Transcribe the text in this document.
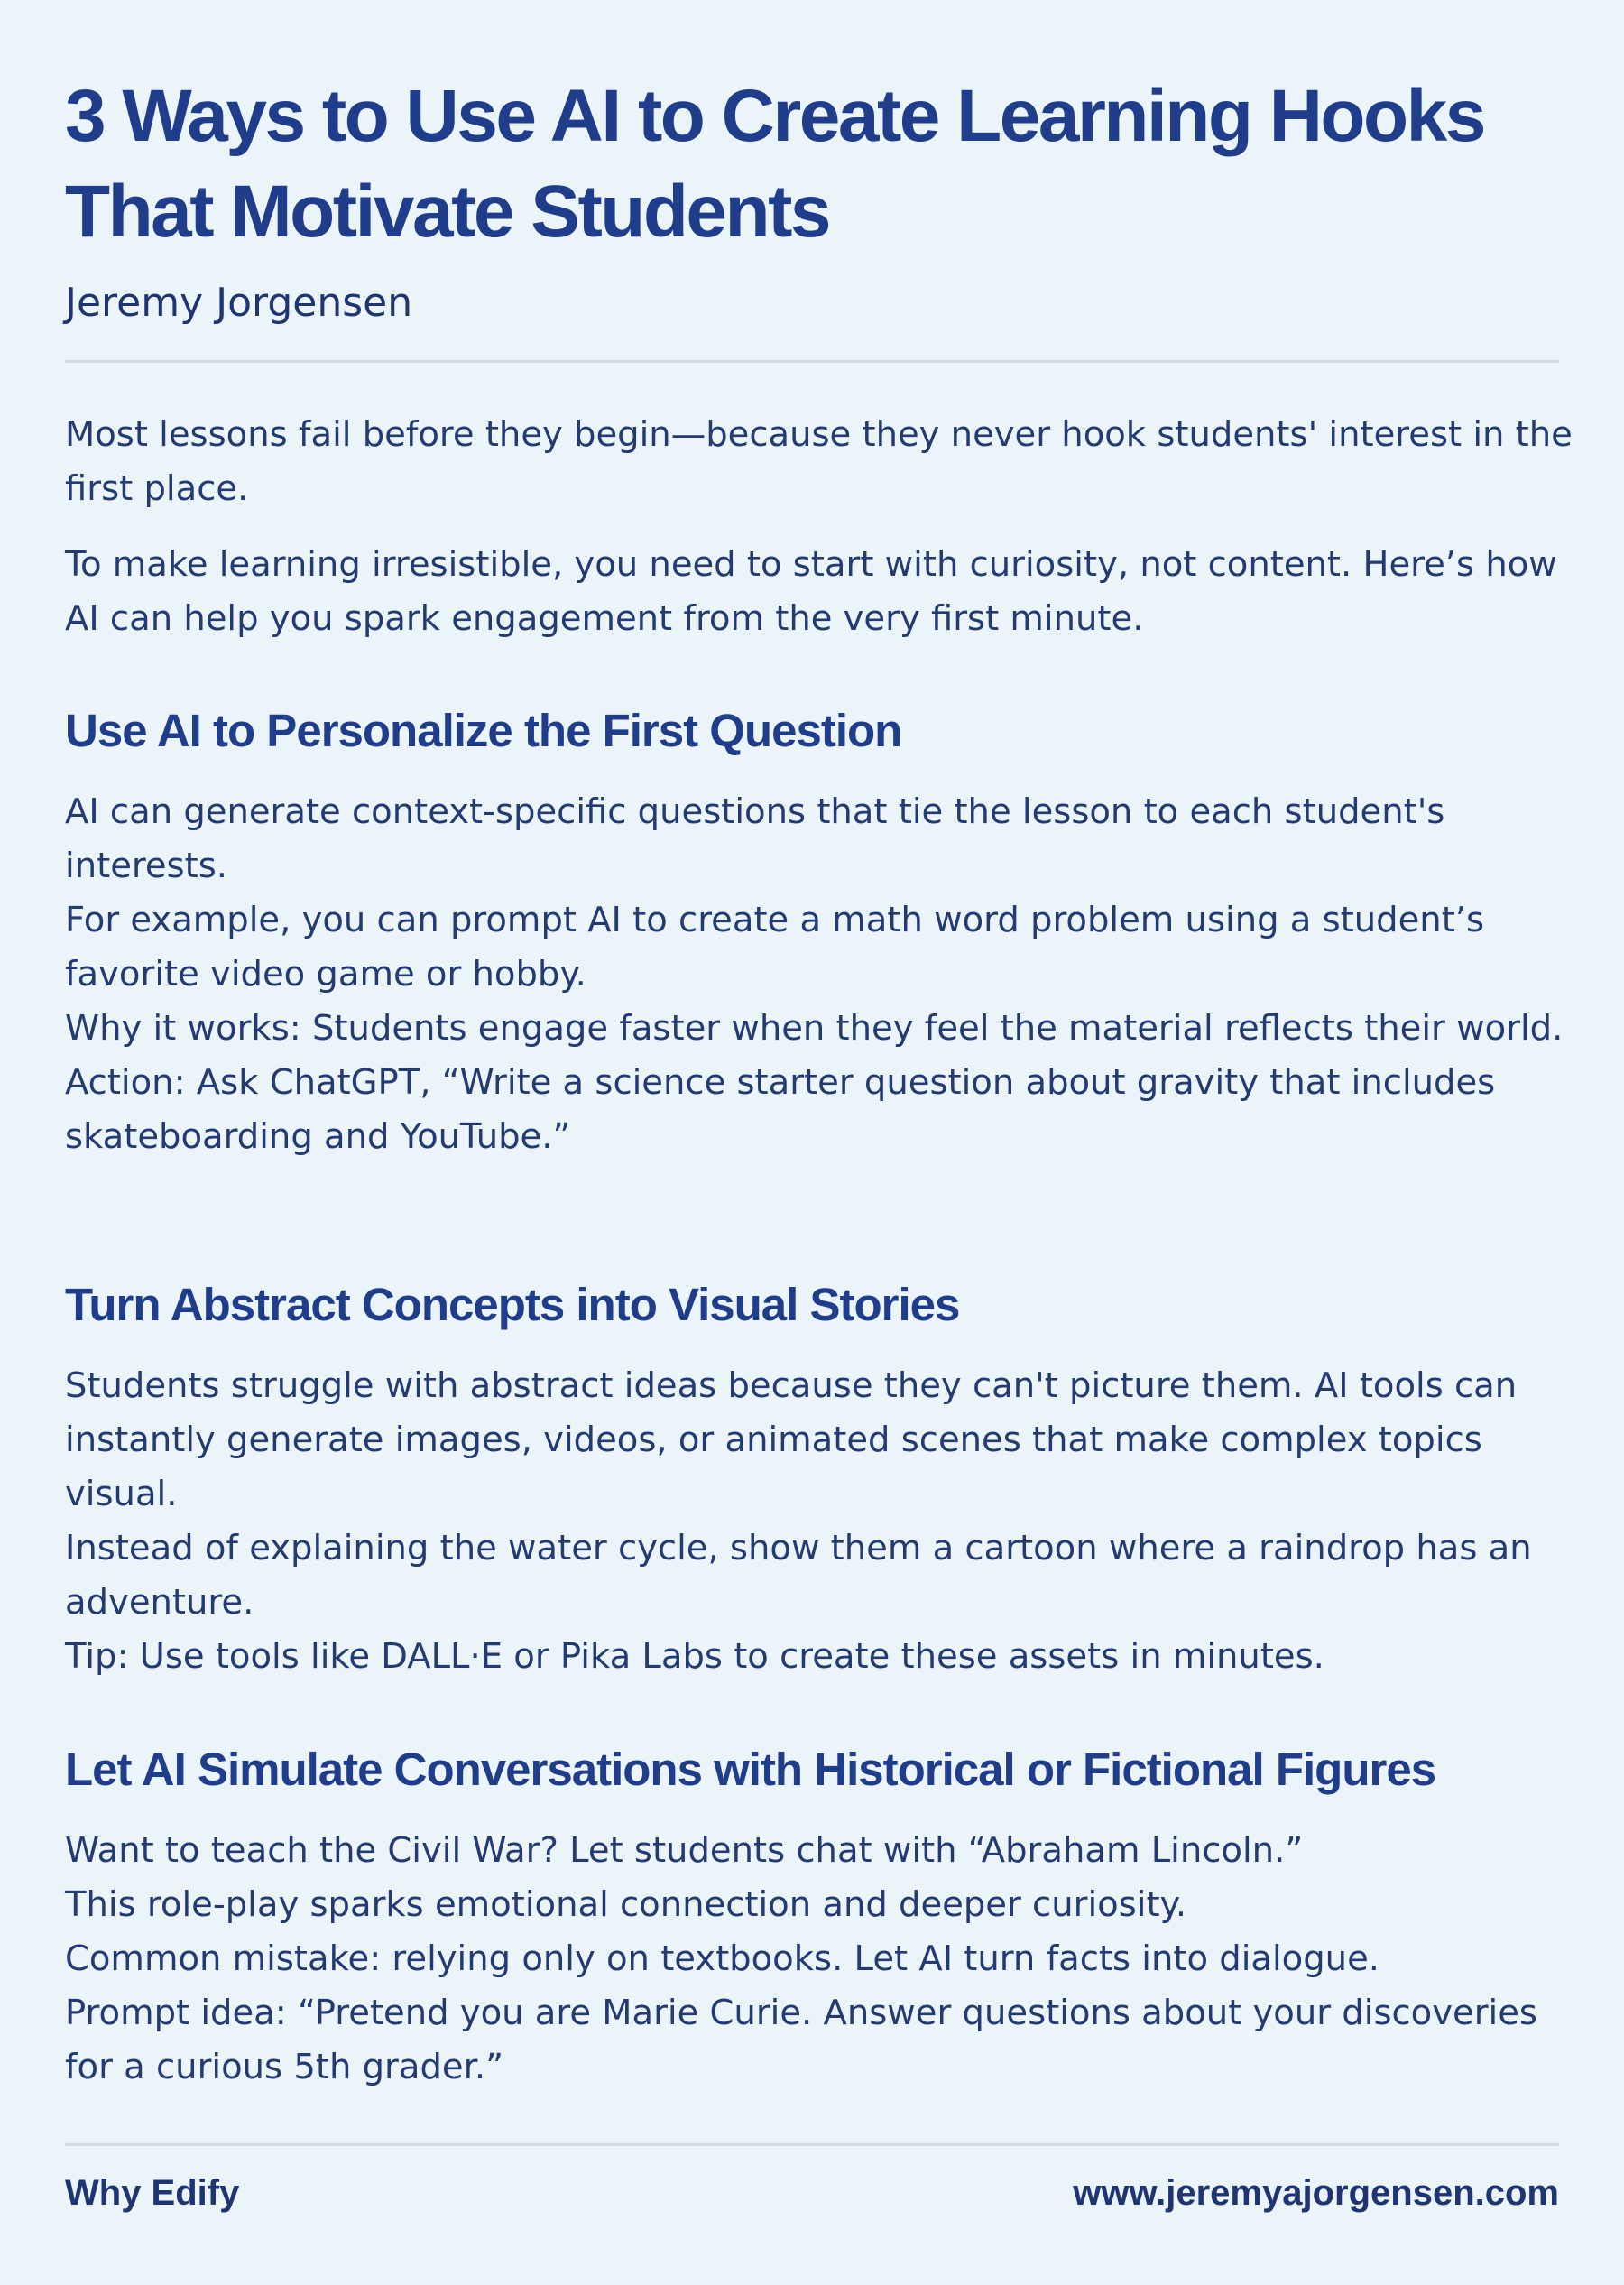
3 Ways to Use AI to Create Learning Hooks That Motivate Students
Jeremy Jorgensen

Most lessons fail before they begin—because they never hook students' interest in the first place.

To make learning irresistible, you need to start with curiosity, not content. Here’s how AI can help you spark engagement from the very first minute.

Use AI to Personalize the First Question

AI can generate context-specific questions that tie the lesson to each student's interests.

For example, you can prompt AI to create a math word problem using a student’s favorite video game or hobby.

Why it works: Students engage faster when they feel the material reflects their world.

Action: Ask ChatGPT, “Write a science starter question about gravity that includes skateboarding and YouTube.”

Turn Abstract Concepts into Visual Stories

Students struggle with abstract ideas because they can't picture them. AI tools can instantly generate images, videos, or animated scenes that make complex topics visual.

Instead of explaining the water cycle, show them a cartoon where a raindrop has an adventure.

Tip: Use tools like DALL·E or Pika Labs to create these assets in minutes.

Let AI Simulate Conversations with Historical or Fictional Figures

Want to teach the Civil War? Let students chat with “Abraham Lincoln.”

This role-play sparks emotional connection and deeper curiosity.

Common mistake: relying only on textbooks. Let AI turn facts into dialogue.

Prompt idea: “Pretend you are Marie Curie. Answer questions about your discoveries for a curious 5th grader.”

Why Edify	www.jeremyajorgensen.com
